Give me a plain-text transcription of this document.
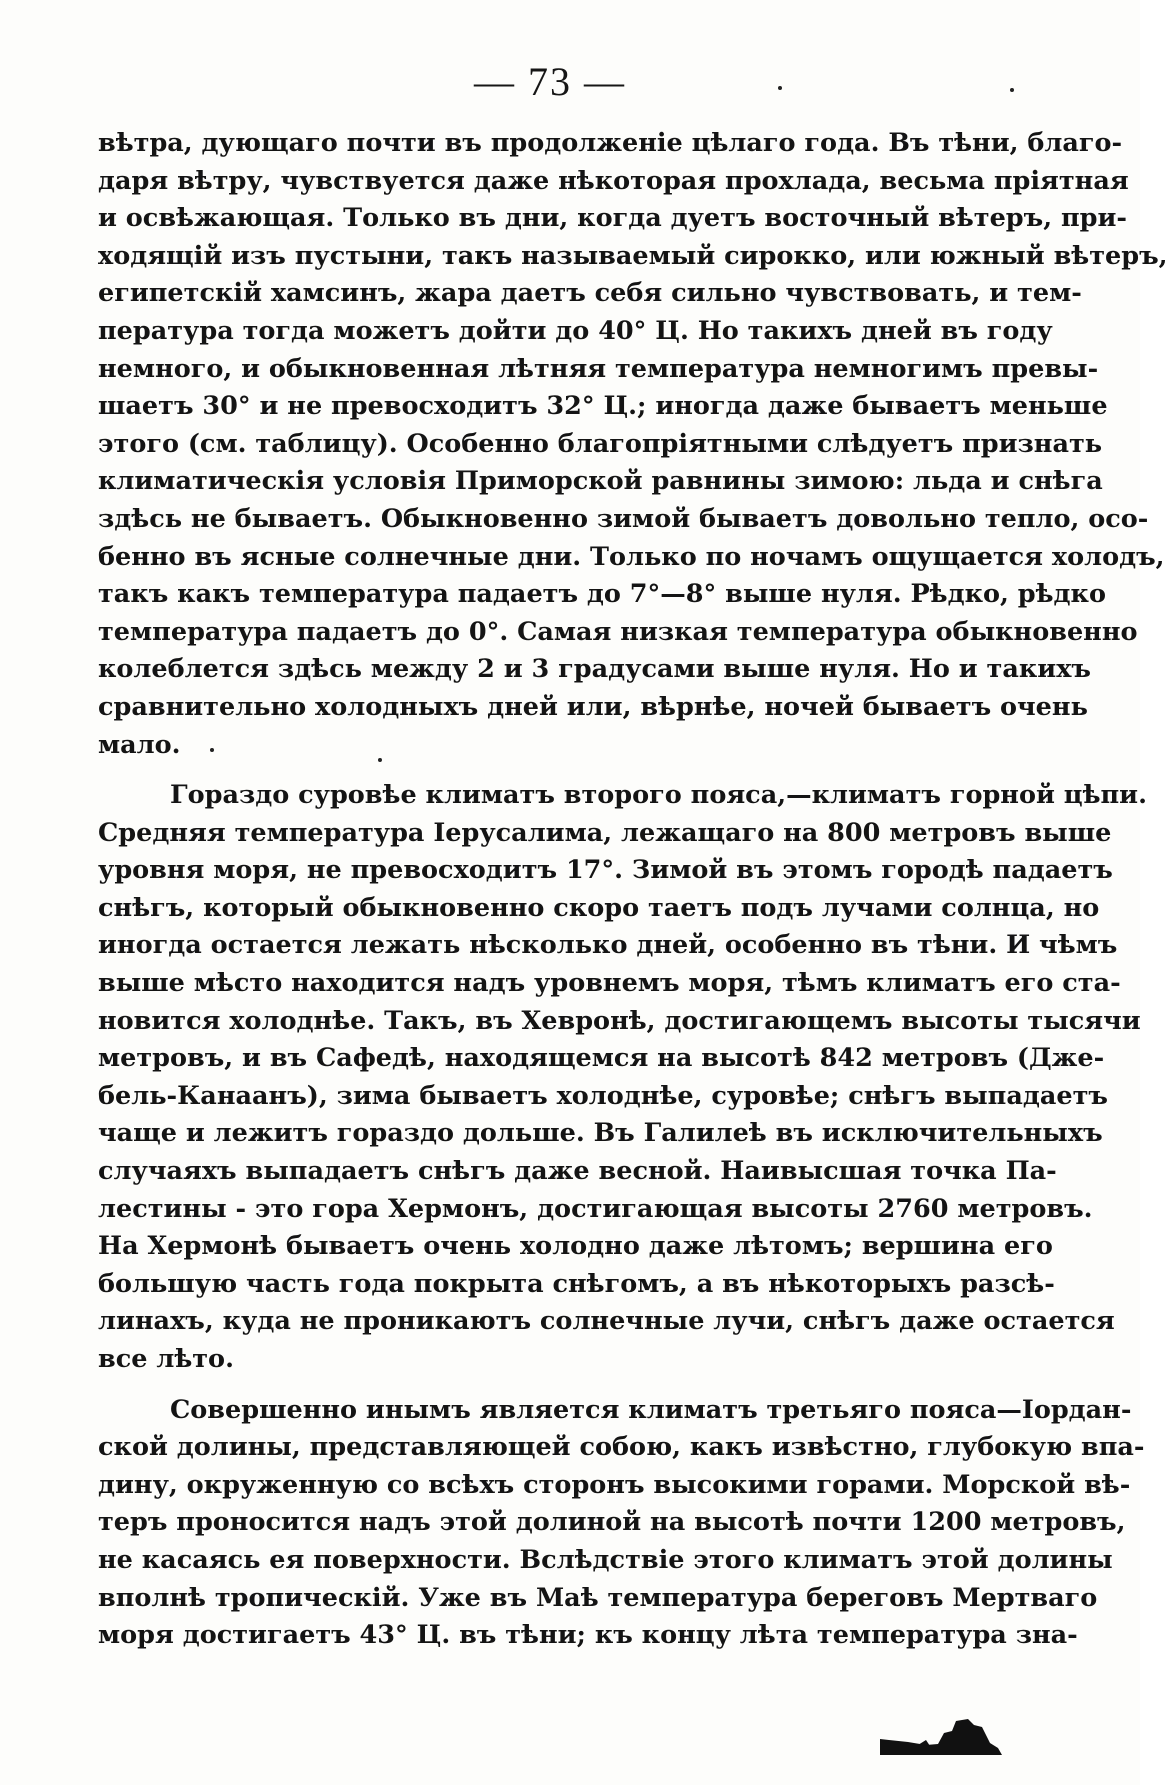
— 73 —

вѣтра, дующаго почти въ продолженіе цѣлаго года. Въ тѣни, благо-
даря вѣтру, чувствуется даже нѣкоторая прохлада, весьма пріятная
и освѣжающая. Только въ дни, когда дуетъ восточный вѣтеръ, при-
ходящій изъ пустыни, такъ называемый сирокко, или южный вѣтеръ,
египетскій хамсинъ, жара даетъ себя сильно чувствовать, и тем-
пература тогда можетъ дойти до 40° Ц. Но такихъ дней въ году
немного, и обыкновенная лѣтняя температура немногимъ превы-
шаетъ 30° и не превосходитъ 32° Ц.; иногда даже бываетъ меньше
этого (см. таблицу). Особенно благопріятными слѣдуетъ признать
климатическія условія Приморской равнины зимою: льда и снѣга
здѣсь не бываетъ. Обыкновенно зимой бываетъ довольно тепло, осо-
бенно въ ясные солнечные дни. Только по ночамъ ощущается холодъ,
такъ какъ температура падаетъ до 7°—8° выше нуля. Рѣдко, рѣдко
температура падаетъ до 0°. Самая низкая температура обыкновенно
колеблется здѣсь между 2 и 3 градусами выше нуля. Но и такихъ
сравнительно холодныхъ дней или, вѣрнѣе, ночей бываетъ очень
мало.

Гораздо суровѣе климатъ второго пояса,—климатъ горной цѣпи.
Средняя температура Іерусалима, лежащаго на 800 метровъ выше
уровня моря, не превосходитъ 17°. Зимой въ этомъ городѣ падаетъ
снѣгъ, который обыкновенно скоро таетъ подъ лучами солнца, но
иногда остается лежать нѣсколько дней, особенно въ тѣни. И чѣмъ
выше мѣсто находится надъ уровнемъ моря, тѣмъ климатъ его ста-
новится холоднѣе. Такъ, въ Хевронѣ, достигающемъ высоты тысячи
метровъ, и въ Сафедѣ, находящемся на высотѣ 842 метровъ (Дже-
бель-Канаанъ), зима бываетъ холоднѣе, суровѣе; снѣгъ выпадаетъ
чаще и лежитъ гораздо дольше. Въ Галилеѣ въ исключительныхъ
случаяхъ выпадаетъ снѣгъ даже весной. Наивысшая точка Па-
лестины - это гора Хермонъ, достигающая высоты 2760 метровъ.
На Хермонѣ бываетъ очень холодно даже лѣтомъ; вершина его
большую часть года покрыта снѣгомъ, а въ нѣкоторыхъ разсѣ-
линахъ, куда не проникаютъ солнечные лучи, снѣгъ даже остается
все лѣто.

Совершенно инымъ является климатъ третьяго пояса—Іордан-
ской долины, представляющей собою, какъ извѣстно, глубокую впа-
дину, окруженную со всѣхъ сторонъ высокими горами. Морской вѣ-
теръ проносится надъ этой долиной на высотѣ почти 1200 метровъ,
не касаясь ея поверхности. Вслѣдствіе этого климатъ этой долины
вполнѣ тропическій. Уже въ Маѣ температура береговъ Мертваго
моря достигаетъ 43° Ц. въ тѣни; къ концу лѣта температура зна-
